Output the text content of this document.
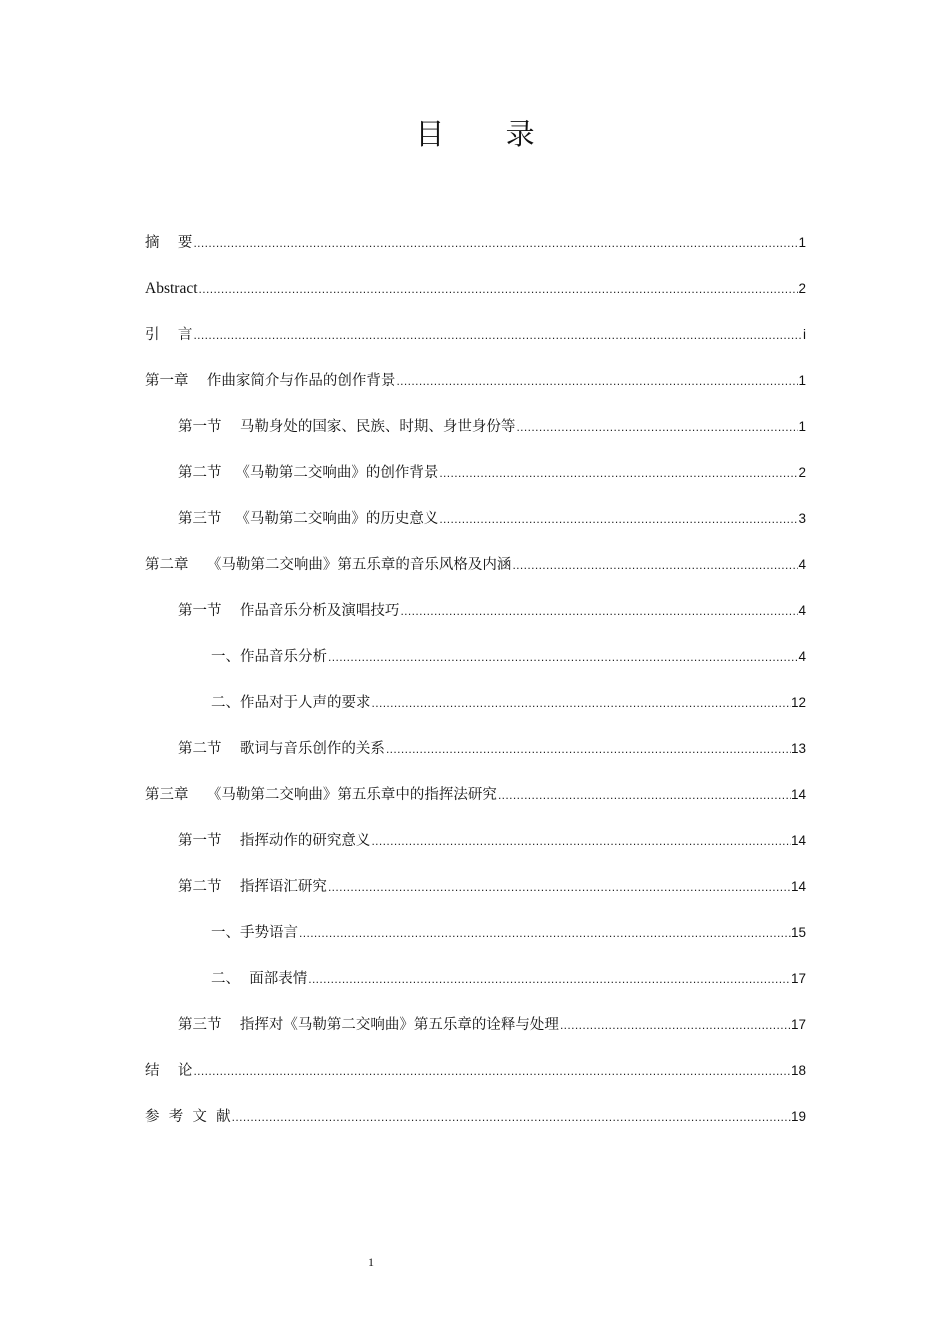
目 录
摘    要 .....	1
Abstract .....	2
引    言 .....	i
第一章    作曲家简介与作品的创作背景 .....	1
第一节    马勒身处的国家、民族、时期、身世身份等 .....	1
第二节   《马勒第二交响曲》的创作背景 .....	2
第三节   《马勒第二交响曲》的历史意义 .....	3
第二章    《马勒第二交响曲》第五乐章的音乐风格及内涵 .....	4
第一节    作品音乐分析及演唱技巧 .....	4
一、作品音乐分析 .....	4
二、作品对于人声的要求 .....	12
第二节    歌词与音乐创作的关系 .....	13
第三章    《马勒第二交响曲》第五乐章中的指挥法研究 .....	14
第一节    指挥动作的研究意义 .....	14
第二节    指挥语汇研究 .....	14
一、手势语言 .....	15
二、  面部表情 .....	17
第三节    指挥对《马勒第二交响曲》第五乐章的诠释与处理 .....	17
结    论 .....	18
参  考  文  献 .....	19
1
